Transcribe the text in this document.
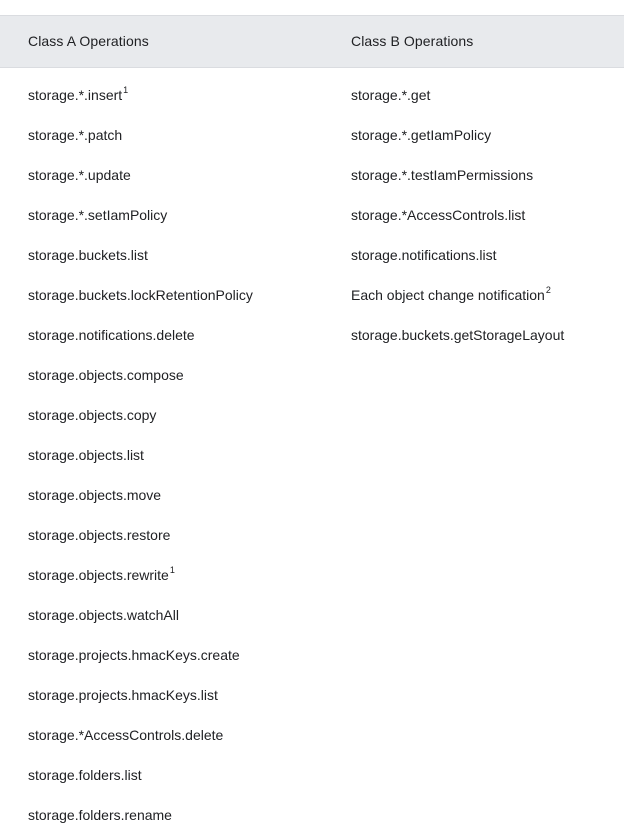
Class A Operations	Class B Operations
storage.*.insert$^1$
storage.*.patch
storage.*.update
storage.*.setIamPolicy
storage.buckets.list
storage.buckets.lockRetentionPolicy
storage.notifications.delete
storage.objects.compose
storage.objects.copy
storage.objects.list
storage.objects.move
storage.objects.restore
storage.objects.rewrite$^1$
storage.objects.watchAll
storage.projects.hmacKeys.create
storage.projects.hmacKeys.list
storage.*AccessControls.delete
storage.folders.list
storage.folders.rename
storage.*.get
storage.*.getIamPolicy
storage.*.testIamPermissions
storage.*AccessControls.list
storage.notifications.list
Each object change notification$^2$
storage.buckets.getStorageLayout
